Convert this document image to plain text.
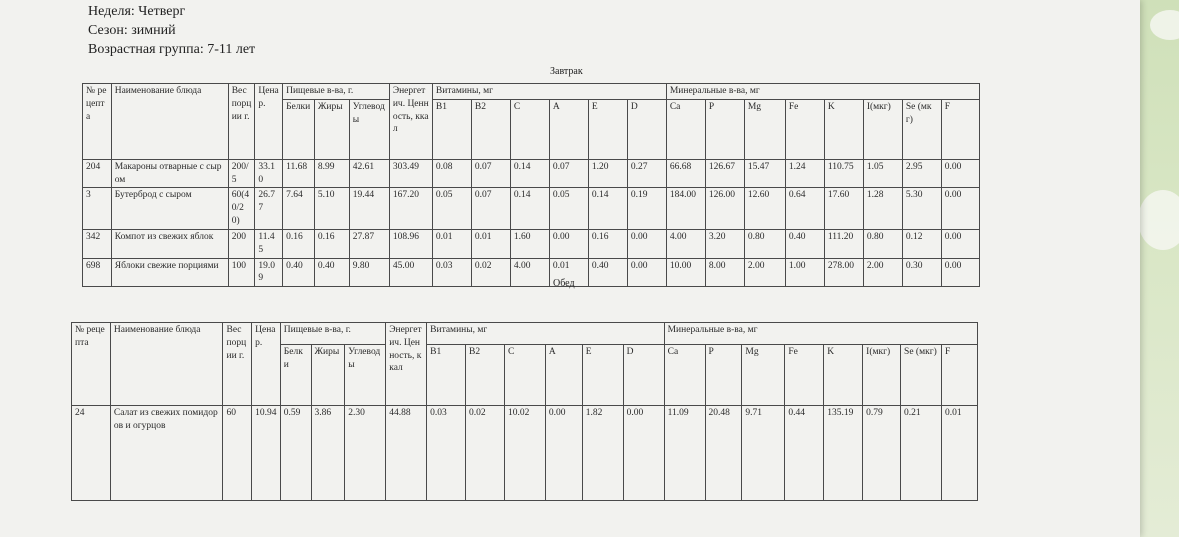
Неделя: Четверг
Сезон: зимний
Возрастная группа: 7-11 лет
Завтрак
№ рецепта	Наименование блюда	Вес порции г.	Цена р.	Пищевые в-ва, г.			Энергетич. Ценность, ккал	Витамины, мг						Минеральные в-ва, мг							
				Белки	Жиры	Углеводы		B1	B2	C	A	E	D	Ca	P	Mg	Fe	K	I(мкг)	Se (мкг)	F
204	Макароны отварные с сыром	200/5	33.10	11.68	8.99	42.61	303.49	0.08	0.07	0.14	0.07	1.20	0.27	66.68	126.67	15.47	1.24	110.75	1.05	2.95	0.00
3	Бутерброд с сыром	60(40/20)	26.77	7.64	5.10	19.44	167.20	0.05	0.07	0.14	0.05	0.14	0.19	184.00	126.00	12.60	0.64	17.60	1.28	5.30	0.00
342	Компот из свежих яблок	200	11.45	0.16	0.16	27.87	108.96	0.01	0.01	1.60	0.00	0.16	0.00	4.00	3.20	0.80	0.40	111.20	0.80	0.12	0.00
698	Яблоки свежие порциями	100	19.09	0.40	0.40	9.80	45.00	0.03	0.02	4.00	0.01	0.40	0.00	10.00	8.00	2.00	1.00	278.00	2.00	0.30	0.00
Обед
№ рецепта	Наименование блюда	Вес порции г.	Цена р.	Пищевые в-ва, г.			Энергетич. Ценность, ккал	Витамины, мг						Минеральные в-ва, мг							
				Белки	Жиры	Углеводы		B1	B2	C	A	E	D	Ca	P	Mg	Fe	K	I(мкг)	Se (мкг)	F
24	Салат из свежих помидоров и огурцов	60	10.94	0.59	3.86	2.30	44.88	0.03	0.02	10.02	0.00	1.82	0.00	11.09	20.48	9.71	0.44	135.19	0.79	0.21	0.01
